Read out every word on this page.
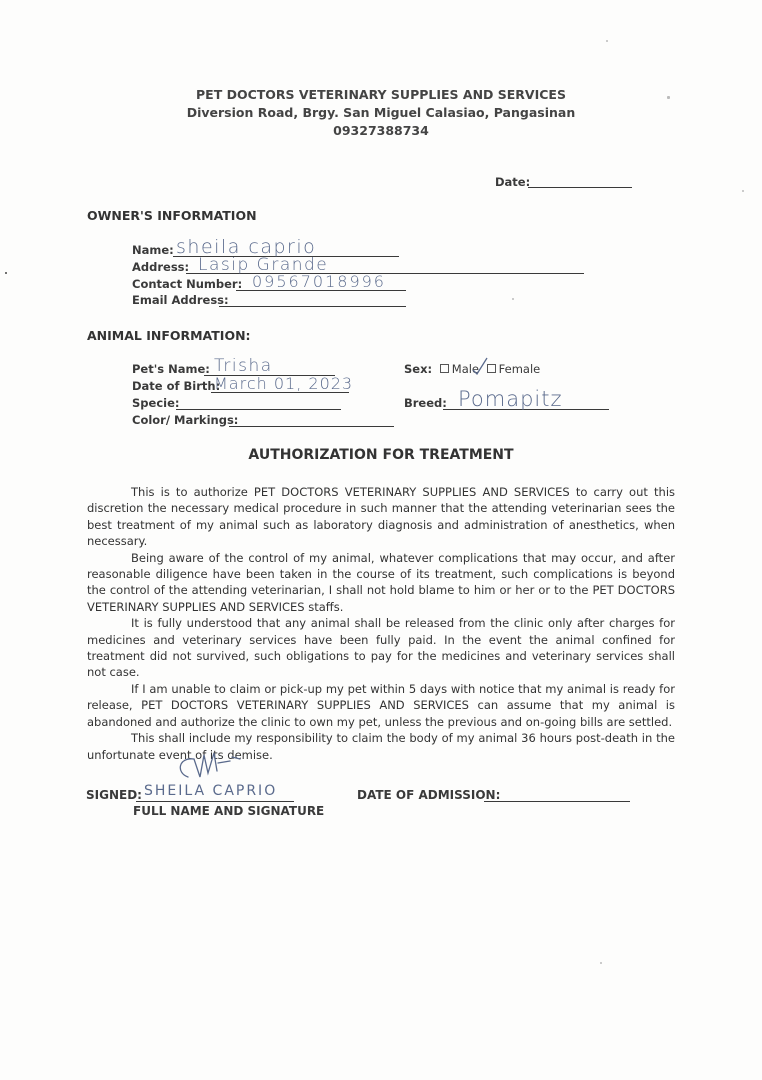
PET DOCTORS VETERINARY SUPPLIES AND SERVICES
Diversion Road, Brgy. San Miguel Calasiao, Pangasinan
09327388734
Date:
OWNER'S INFORMATION
Name: sheila caprio
Address: Lasip Grande
Contact Number: 09567018996
Email Address:
ANIMAL INFORMATION:
Pet's Name: Trisha
Date of Birth:
March 01, 2023
Specie:
Color/ Markings:
Sex: Male Female
Breed: Pomapitz
AUTHORIZATION FOR TREATMENT

This is to authorize PET DOCTORS VETERINARY SUPPLIES AND SERVICES to carry out this discretion the necessary medical procedure in such manner that the attending veterinarian sees the best treatment of my animal such as laboratory diagnosis and administration of anesthetics, when necessary.

Being aware of the control of my animal, whatever complications that may occur, and after reasonable diligence have been taken in the course of its treatment, such complications is beyond the control of the attending veterinarian, I shall not hold blame to him or her or to the PET DOCTORS VETERINARY SUPPLIES AND SERVICES staffs.

It is fully understood that any animal shall be released from the clinic only after charges for medicines and veterinary services have been fully paid. In the event the animal confined for treatment did not survived, such obligations to pay for the medicines and veterinary services shall not case.

If I am unable to claim or pick-up my pet within 5 days with notice that my animal is ready for release, PET DOCTORS VETERINARY SUPPLIES AND SERVICES can assume that my animal is abandoned and authorize the clinic to own my pet, unless the previous and on-going bills are settled.

This shall include my responsibility to claim the body of my animal 36 hours post-death in the unfortunate event of its demise.

SIGNED: SHEILA CAPRIO
FULL NAME AND SIGNATURE
DATE OF ADMISSION:
